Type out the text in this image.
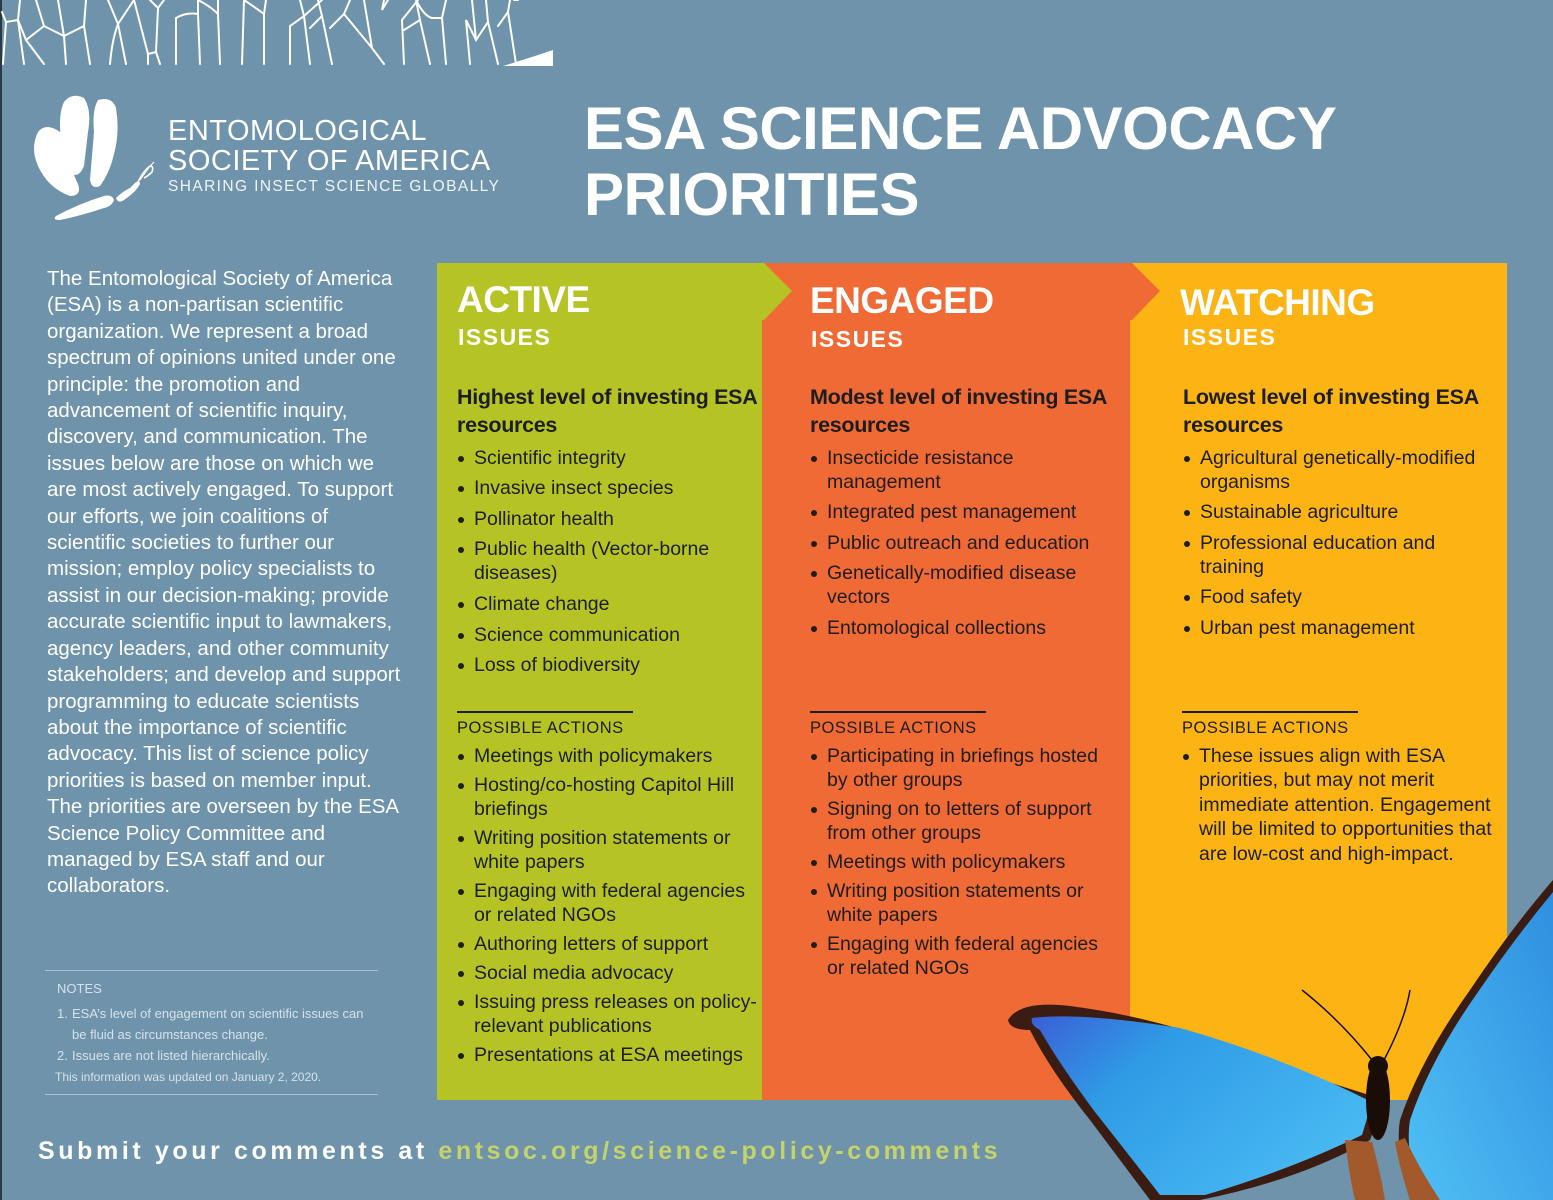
ENTOMOLOGICAL
SOCIETY OF AMERICA
SHARING INSECT SCIENCE GLOBALLY
ESA SCIENCE ADVOCACY
PRIORITIES

The Entomological Society of America (ESA) is a non-partisan scientific organization. We represent a broad spectrum of opinions united under one principle: the promotion and advancement of scientific inquiry, discovery, and communication. The issues below are those on which we are most actively engaged. To support our efforts, we join coalitions of scientific societies to further our mission; employ policy specialists to assist in our decision-making; provide accurate scientific input to lawmakers, agency leaders, and other community stakeholders; and develop and support programming to educate scientists about the importance of scientific advocacy. This list of science policy priorities is based on member input. The priorities are overseen by the ESA Science Policy Committee and managed by ESA staff and our collaborators.

NOTES
1. ESA’s level of engagement on scientific issues can be fluid as circumstances change.
2. Issues are not listed hierarchically.
This information was updated on January 2, 2020.
ACTIVE
ISSUES
Highest level of investing ESA resources
Scientific integrity
Invasive insect species
Pollinator health
Public health (Vector-borne diseases)
Climate change
Science communication
Loss of biodiversity
POSSIBLE ACTIONS
Meetings with policymakers
Hosting/co-hosting Capitol Hill briefings
Writing position statements or white papers
Engaging with federal agencies or related NGOs
Authoring letters of support
Social media advocacy
Issuing press releases on policy-relevant publications
Presentations at ESA meetings
ENGAGED
ISSUES
Modest level of investing ESA resources
Insecticide resistance management
Integrated pest management
Public outreach and education
Genetically-modified disease vectors
Entomological collections
POSSIBLE ACTIONS
Participating in briefings hosted by other groups
Signing on to letters of support from other groups
Meetings with policymakers
Writing position statements or white papers
Engaging with federal agencies or related NGOs
WATCHING
ISSUES
Lowest level of investing ESA resources
Agricultural genetically-modified organisms
Sustainable agriculture
Professional education and training
Food safety
Urban pest management
POSSIBLE ACTIONS
These issues align with ESA priorities, but may not merit immediate attention. Engagement will be limited to opportunities that are low-cost and high-impact.
Submit your comments at entsoc.org/science-policy-comments
